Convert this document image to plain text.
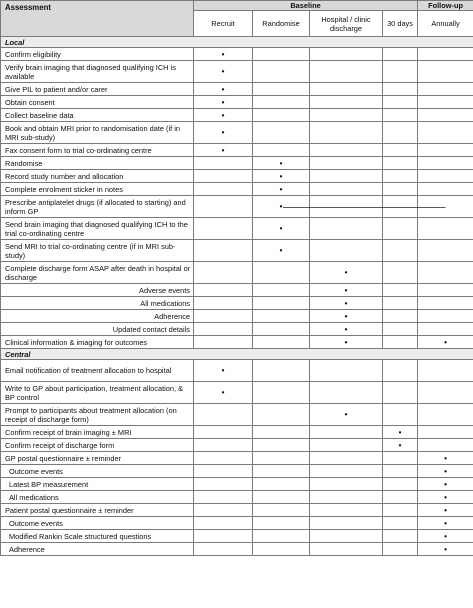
Assessment	Baseline				Follow-up
	Recruit	Randomise	Hospital / clinic discharge	30 days	Annually
Local					
Confirm eligibility	•				
Verify brain imaging that diagnosed qualifying ICH is available	•				
Give PIL to patient and/or carer	•				
Obtain consent	•				
Collect baseline data	•				
Book and obtain MRI prior to randomisation date (if in MRI sub-study)	•				
Fax consent form to trial co-ordinating centre	•				
Randomise		•			
Record study number and allocation		•			
Complete enrolment sticker in notes		•			
Prescribe antiplatelet drugs (if allocated to starting) and inform GP		•			
Send brain imaging that diagnosed qualifying ICH to the trial co-ordinating centre		•			
Send MRI to trial co-ordinating centre (if in MRI sub-study)		•			
Complete discharge form ASAP after death in hospital or discharge			•		
Adverse events			•		
All medications			•		
Adherence			•		
Updated contact details			•		
Clinical information & imaging for outcomes			•		•
Central					
Email notification of treatment allocation to hospital	•				
Write to GP about participation, treatment allocation, & BP control	•				
Prompt to participants about treatment allocation (on receipt of discharge form)			•		
Confirm receipt of brain imaging ± MRI				•	
Confirm receipt of discharge form				•	
GP postal questionnaire ± reminder					•
Outcome events					•
Latest BP measurement					•
All medications					•
Patient postal questionnaire ± reminder					•
Outcome events					•
Modified Rankin Scale structured questions					•
Adherence					•
